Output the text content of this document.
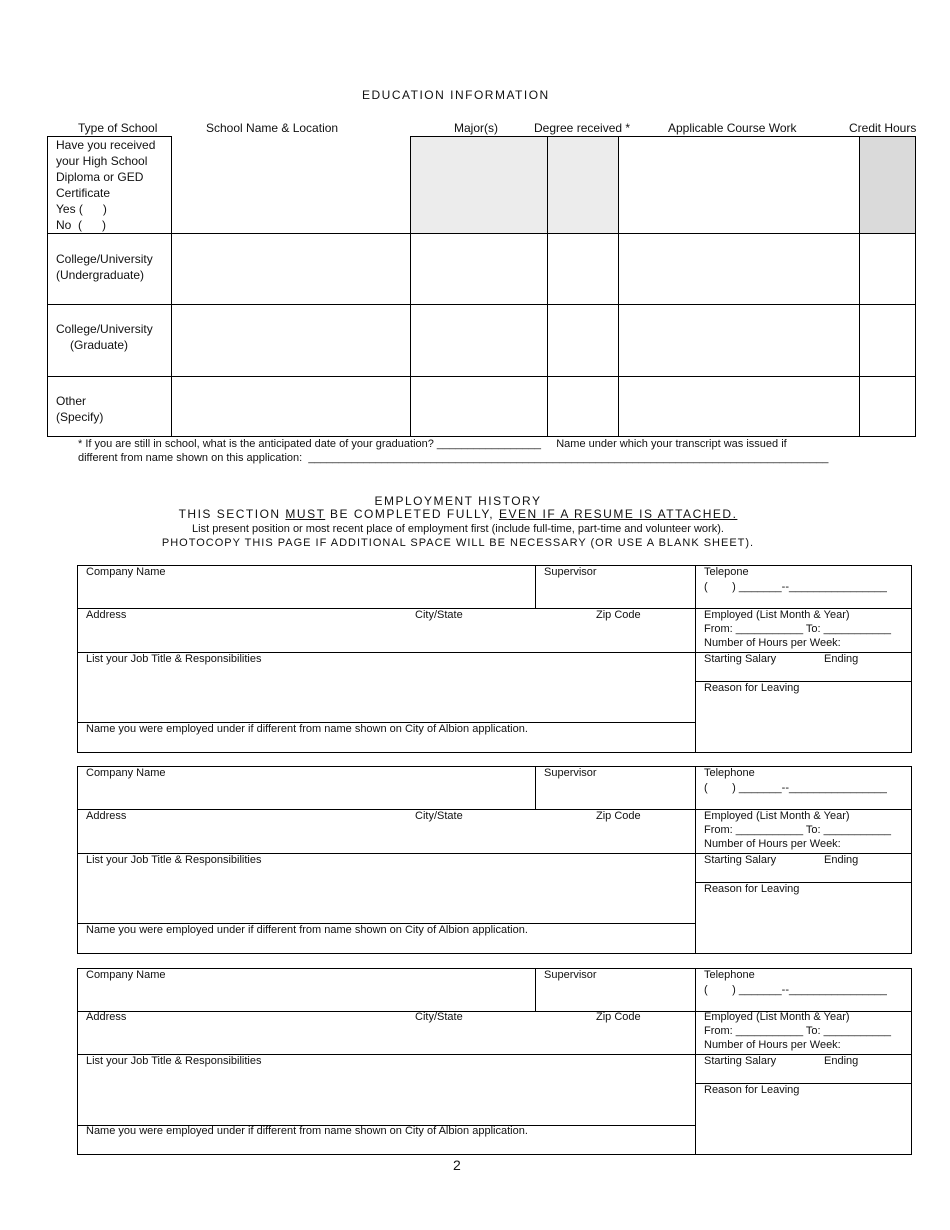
EDUCATION INFORMATION
Type of School	School Name & Location	Major(s)	Degree received *	Applicable Course Work	Credit Hours
Have you received
your High School
Diploma or GED
Certificate
Yes (      )
No  (      )
College/University
(Undergraduate)
College/University
(Graduate)
Other
(Specify)
* If you are still in school, what is the anticipated date of your graduation? _________________     Name under which your transcript was issued if
different from name shown on this application:  _____________________________________________________________________________________
EMPLOYMENT HISTORY
THIS SECTION MUST BE COMPLETED FULLY, EVEN IF A RESUME IS ATTACHED.
List present position or most recent place of employment first (include full-time, part-time and volunteer work).
PHOTOCOPY THIS PAGE IF ADDITIONAL SPACE WILL BE NECESSARY (OR USE A BLANK SHEET).
Company Name	Supervisor	Telepone
(        ) _______--________________
Address	City/State	Zip Code	Employed (List Month & Year)
From: ___________ To: ___________
Number of Hours per Week:
List your Job Title & Responsibilities	Starting Salary	Ending
Reason for Leaving
Name you were employed under if different from name shown on City of Albion application.
Company Name	Supervisor	Telephone
(        ) _______--________________
Address	City/State	Zip Code	Employed (List Month & Year)
From: ___________ To: ___________
Number of Hours per Week:
List your Job Title & Responsibilities	Starting Salary	Ending
Reason for Leaving
Name you were employed under if different from name shown on City of Albion application.
Company Name	Supervisor	Telephone
(        ) _______--________________
Address	City/State	Zip Code	Employed (List Month & Year)
From: ___________ To: ___________
Number of Hours per Week:
List your Job Title & Responsibilities	Starting Salary	Ending
Reason for Leaving
Name you were employed under if different from name shown on City of Albion application.
2
